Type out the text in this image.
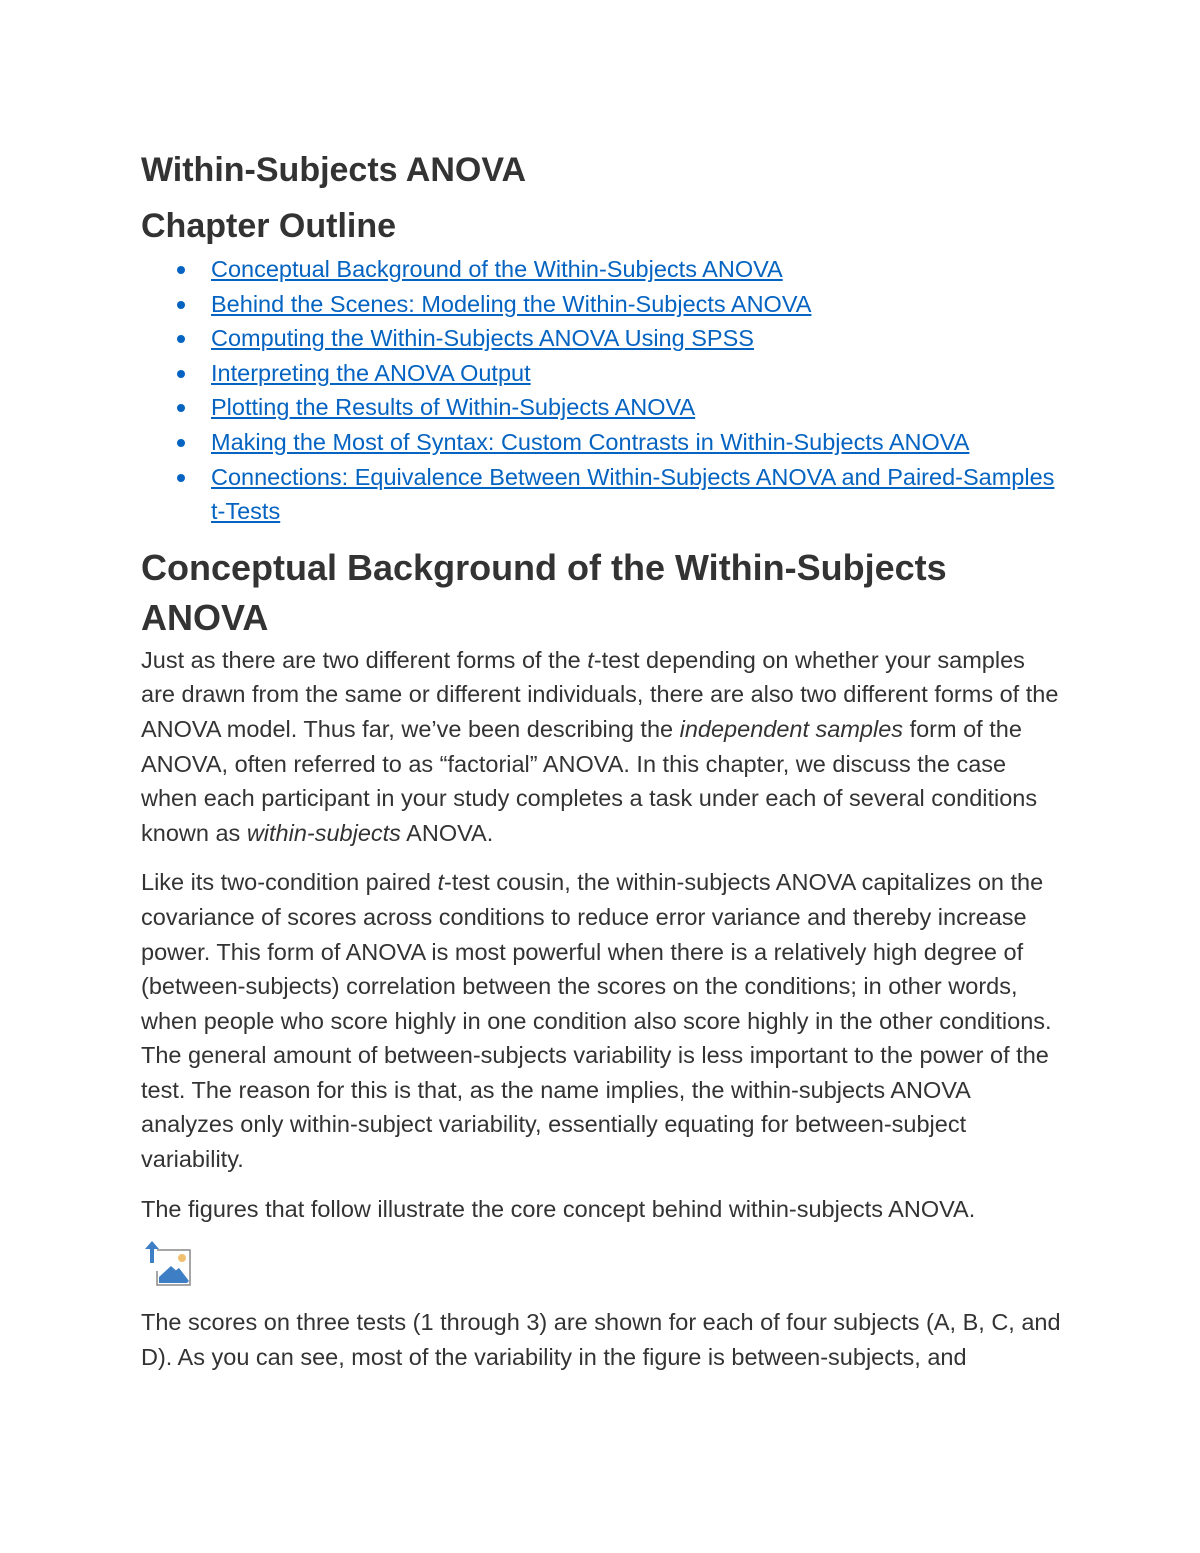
Within-Subjects ANOVA
Chapter Outline
Conceptual Background of the Within-Subjects ANOVA
Behind the Scenes: Modeling the Within-Subjects ANOVA
Computing the Within-Subjects ANOVA Using SPSS
Interpreting the ANOVA Output
Plotting the Results of Within-Subjects ANOVA
Making the Most of Syntax: Custom Contrasts in Within-Subjects ANOVA
Connections: Equivalence Between Within-Subjects ANOVA and Paired-Samples t-Tests
Conceptual Background of the Within-Subjects ANOVA

Just as there are two different forms of the t-test depending on whether your samples are drawn from the same or different individuals, there are also two different forms of the ANOVA model. Thus far, we’ve been describing the independent samples form of the ANOVA, often referred to as “factorial” ANOVA. In this chapter, we discuss the case when each participant in your study completes a task under each of several conditions known as within-subjects ANOVA.

Like its two-condition paired t-test cousin, the within-subjects ANOVA capitalizes on the covariance of scores across conditions to reduce error variance and thereby increase power. This form of ANOVA is most powerful when there is a relatively high degree of (between-subjects) correlation between the scores on the conditions; in other words, when people who score highly in one condition also score highly in the other conditions. The general amount of between-subjects variability is less important to the power of the test. The reason for this is that, as the name implies, the within-subjects ANOVA analyzes only within-subject variability, essentially equating for between-subject variability.

The figures that follow illustrate the core concept behind within-subjects ANOVA.

The scores on three tests (1 through 3) are shown for each of four subjects (A, B, C, and D). As you can see, most of the variability in the figure is between-subjects, and
